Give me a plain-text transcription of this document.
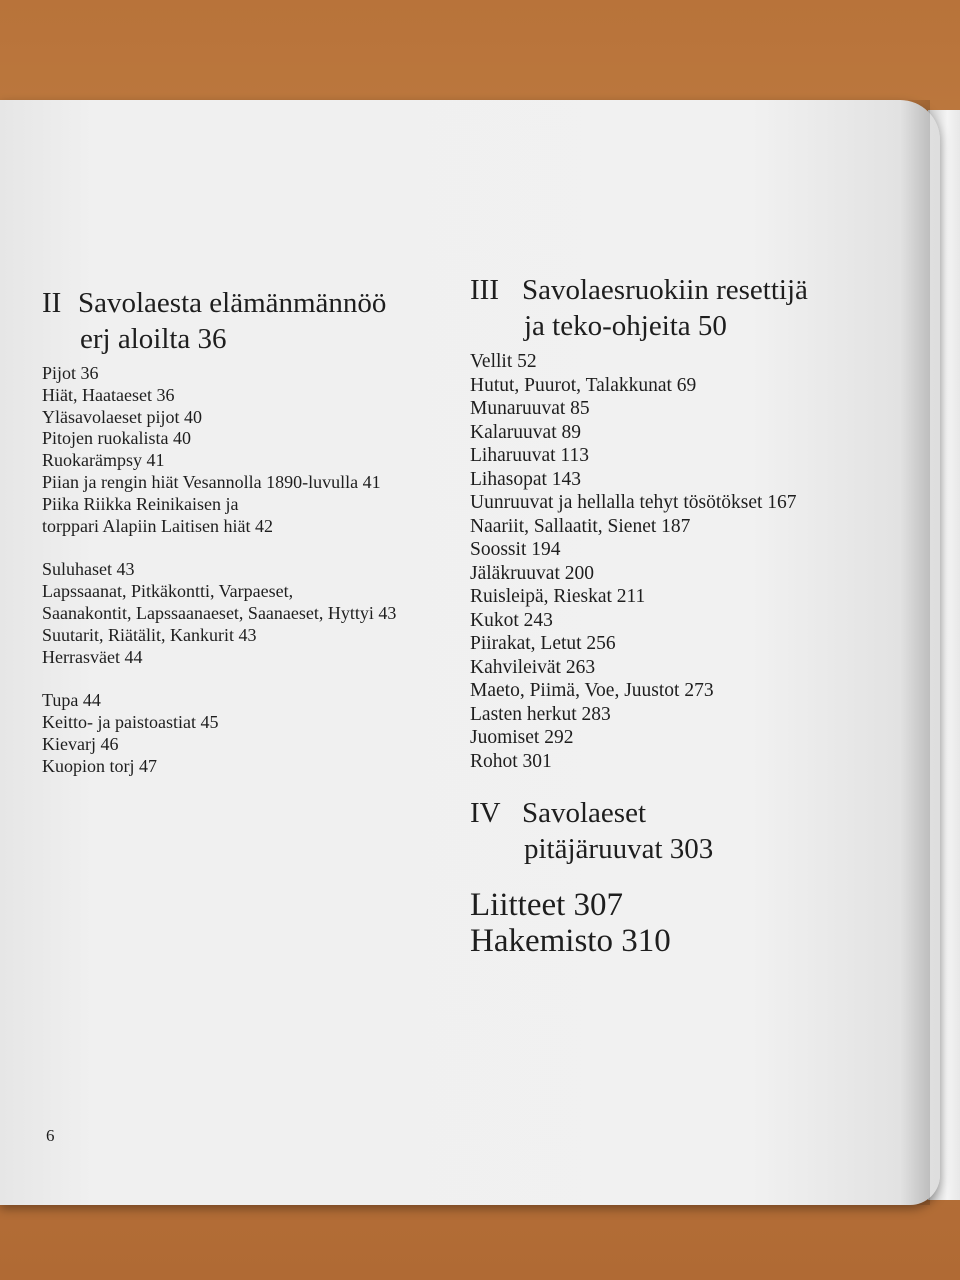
II Savolaesta elämänmännöö
erj aloilta 36
Pijot 36
Hiät, Haataeset 36
Yläsavolaeset pijot 40
Pitojen ruokalista 40
Ruokarämpsy 41
Piian ja rengin hiät Vesannolla 1890-luvulla 41
Piika Riikka Reinikaisen ja
torppari Alapiin Laitisen hiät 42
Suluhaset 43
Lapssaanat, Pitkäkontti, Varpaeset,
Saanakontit, Lapssaanaeset, Saanaeset, Hyttyi 43
Suutarit, Riätälit, Kankurit 43
Herrasväet 44
Tupa 44
Keitto- ja paistoastiat 45
Kievarj 46
Kuopion torj 47
III Savolaesruokiin resettijä
ja teko-ohjeita 50
Vellit 52
Hutut, Puurot, Talakkunat 69
Munaruuvat 85
Kalaruuvat 89
Liharuuvat 113
Lihasopat 143
Uunruuvat ja hellalla tehyt tösötökset 167
Naariit, Sallaatit, Sienet 187
Soossit 194
Jäläkruuvat 200
Ruisleipä, Rieskat 211
Kukot 243
Piirakat, Letut 256
Kahvileivät 263
Maeto, Piimä, Voe, Juustot 273
Lasten herkut 283
Juomiset 292
Rohot 301
IV Savolaeset
pitäjäruuvat 303
Liitteet 307
Hakemisto 310
6
